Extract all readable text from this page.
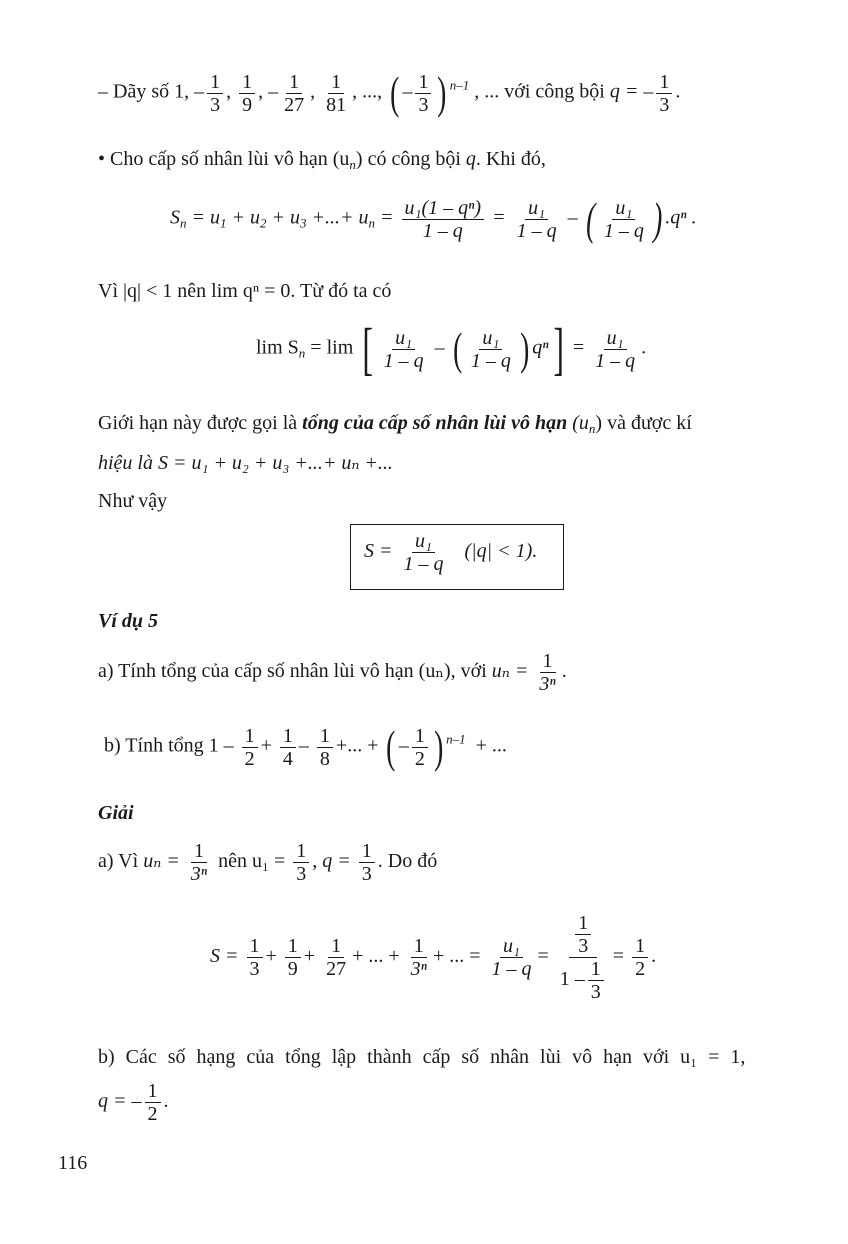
– Dãy số 1, – $\frac{1}{3}$ , $\frac{1}{9}$ , – $\frac{1}{27}$ , $\frac{1}{81}$ , ..., ( – $\frac{1}{3}$ ) $^{n-1}$ , ... với công bội q = – $\frac{1}{3}$ .
• Cho cấp số nhân lùi vô hạn $(u_n)$ có công bội q. Khi đó,
$S_n = u_1 + u_2 + u_3$ +...+ $u_n = \frac{\text{u₁(1 – qⁿ)}}{1 - q} = \frac{\text{u₁}}{1 - q}$ – ( $\frac{\text{u₁}}{1 - q}$ ) .qⁿ .
Vì |q| < 1 nên lim qⁿ = 0. Từ đó ta có
$\lim S_n = \lim$ [ $\frac{\text{u₁}}{1 - q}$ – ( $\frac{\text{u₁}}{1 - q}$ ) $q^n] = \frac{\text{u₁}}{1 - q}$ .
Giới hạn này được gọi là tổng của cấp số nhân lùi vô hạn $(u_n)$ và được kí
hiệu là S = u₁ + u₂ + u₃ +...+ uₙ +...
Như vậy
$S = \frac{\text{u₁}}{1 - q} (|q| < 1)$.
Ví dụ 5
a) Tính tổng của cấp số nhân lùi vô hạn (uₙ), với $u_n = \frac{1}{\text{3ⁿ}}$ .
b) Tính tổng $1 - \frac{1}{2} + \frac{1}{4} - \frac{1}{8}$ +... + ( – $\frac{1}{2}$ ) $^{n-1}$ + ...
Giải
a) Vì $u_n = \frac{1}{\text{3ⁿ}}$ nên $u_1 = \frac{1}{3}$ , $q = \frac{1}{3}$ . Do đó
$S = \frac{1}{3} + \frac{1}{9} + \frac{1}{27}$ + ... + $\frac{1}{\text{3ⁿ}}$ + ... = $\frac{\text{u₁}}{1 - q} = \frac{\frac{1}{3}}{1 - \frac{1}{3}} = \frac{1}{2}$ .
b) Các số hạng của tổng lập thành cấp số nhân lùi vô hạn với u₁ = 1,
q = – $\frac{1}{2}$ .
116
